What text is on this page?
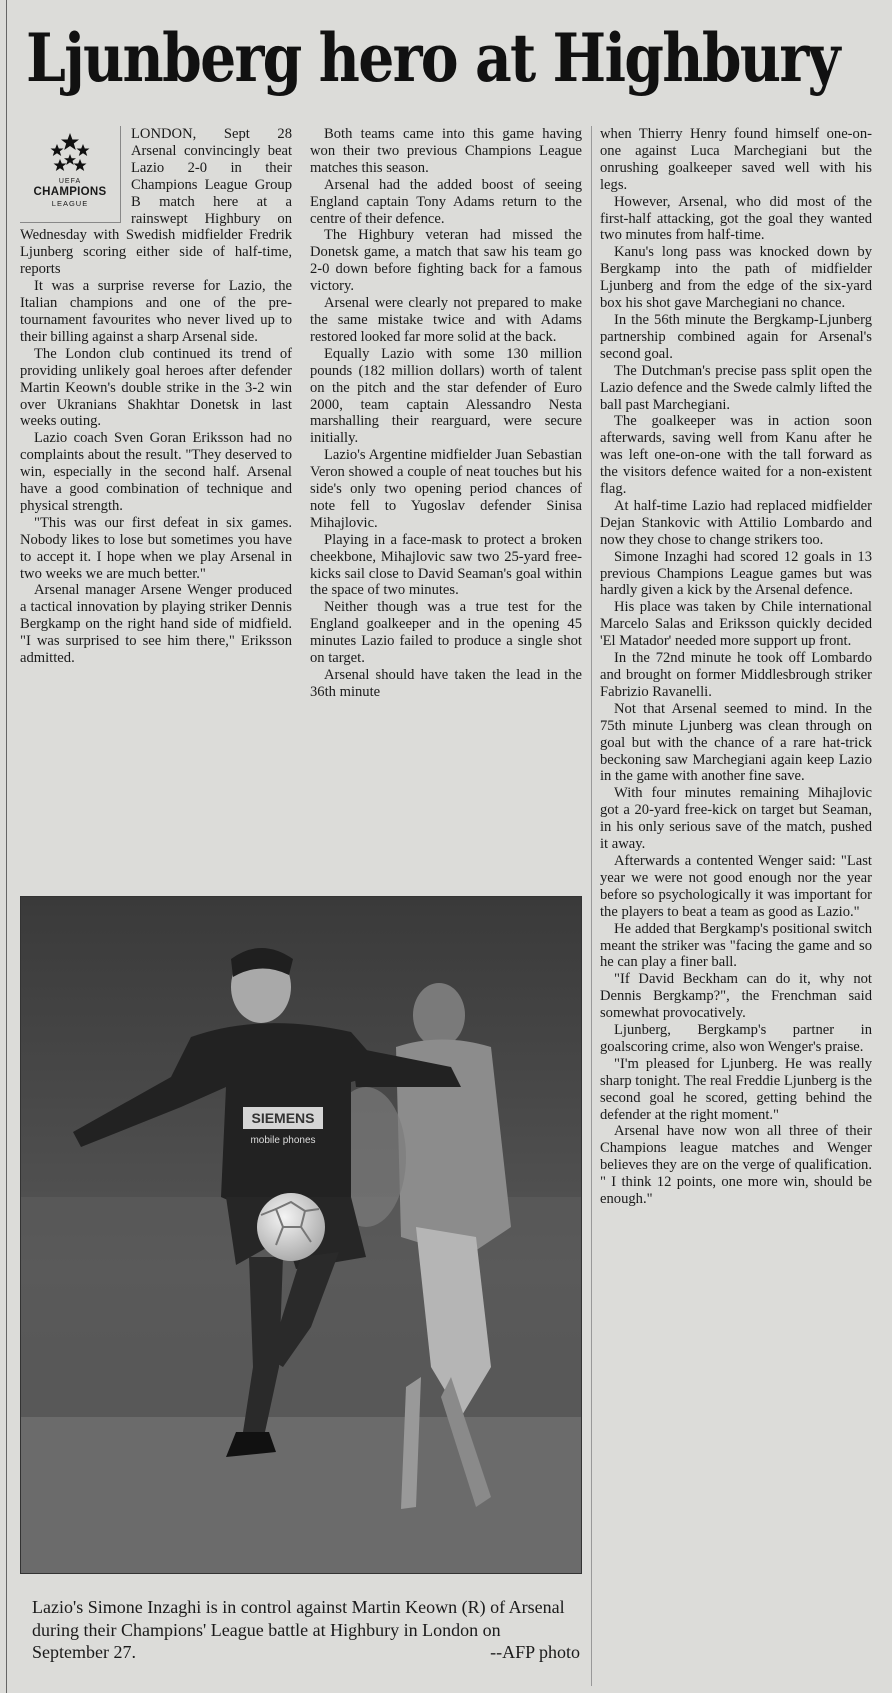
Ljunberg hero at Highbury
UEFA
CHAMPIONS
LEAGUE

LONDON, Sept 28 Arsenal convincingly beat Lazio 2-0 in their Champions League Group B match here at a rainswept Highbury on Wednesday with Swedish midfielder Fredrik Ljunberg scoring either side of half-time, reports

It was a surprise reverse for Lazio, the Italian champions and one of the pre-tournament favourites who never lived up to their billing against a sharp Arsenal side.

The London club continued its trend of providing unlikely goal heroes after defender Martin Keown's double strike in the 3-2 win over Ukranians Shakhtar Donetsk in last weeks outing.

Lazio coach Sven Goran Eriksson had no complaints about the result. "They deserved to win, especially in the second half. Arsenal have a good combination of technique and physical strength.

"This was our first defeat in six games. Nobody likes to lose but sometimes you have to accept it. I hope when we play Arsenal in two weeks we are much better."

Arsenal manager Arsene Wenger produced a tactical innovation by playing striker Dennis Bergkamp on the right hand side of midfield. "I was surprised to see him there," Eriksson admitted.

Both teams came into this game having won their two previous Champions League matches this season.

Arsenal had the added boost of seeing England captain Tony Adams return to the centre of their defence.

The Highbury veteran had missed the Donetsk game, a match that saw his team go 2-0 down before fighting back for a famous victory.

Arsenal were clearly not prepared to make the same mistake twice and with Adams restored looked far more solid at the back.

Equally Lazio with some 130 million pounds (182 million dollars) worth of talent on the pitch and the star defender of Euro 2000, team captain Alessandro Nesta marshalling their rearguard, were secure initially.

Lazio's Argentine midfielder Juan Sebastian Veron showed a couple of neat touches but his side's only two opening period chances of note fell to Yugoslav defender Sinisa Mihajlovic.

Playing in a face-mask to protect a broken cheekbone, Mihajlovic saw two 25-yard free-kicks sail close to David Seaman's goal within the space of two minutes.

Neither though was a true test for the England goalkeeper and in the opening 45 minutes Lazio failed to produce a single shot on target.

Arsenal should have taken the lead in the 36th minute

when Thierry Henry found himself one-on-one against Luca Marchegiani but the onrushing goalkeeper saved well with his legs.

However, Arsenal, who did most of the first-half attacking, got the goal they wanted two minutes from half-time.

Kanu's long pass was knocked down by Bergkamp into the path of midfielder Ljunberg and from the edge of the six-yard box his shot gave Marchegiani no chance.

In the 56th minute the Bergkamp-Ljunberg partnership combined again for Arsenal's second goal.

The Dutchman's precise pass split open the Lazio defence and the Swede calmly lifted the ball past Marchegiani.

The goalkeeper was in action soon afterwards, saving well from Kanu after he was left one-on-one with the tall forward as the visitors defence waited for a non-existent flag.

At half-time Lazio had replaced midfielder Dejan Stankovic with Attilio Lombardo and now they chose to change strikers too.

Simone Inzaghi had scored 12 goals in 13 previous Champions League games but was hardly given a kick by the Arsenal defence.

His place was taken by Chile international Marcelo Salas and Eriksson quickly decided 'El Matador' needed more support up front.

In the 72nd minute he took off Lombardo and brought on former Middlesbrough striker Fabrizio Ravanelli.

Not that Arsenal seemed to mind. In the 75th minute Ljunberg was clean through on goal but with the chance of a rare hat-trick beckoning saw Marchegiani again keep Lazio in the game with another fine save.

With four minutes remaining Mihajlovic got a 20-yard free-kick on target but Seaman, in his only serious save of the match, pushed it away.

Afterwards a contented Wenger said: "Last year we were not good enough nor the year before so psychologically it was important for the players to beat a team as good as Lazio."

He added that Bergkamp's positional switch meant the striker was "facing the game and so he can play a finer ball.

"If David Beckham can do it, why not Dennis Bergkamp?", the Frenchman said somewhat provocatively.

Ljunberg, Bergkamp's partner in goalscoring crime, also won Wenger's praise.

"I'm pleased for Ljunberg. He was really sharp tonight. The real Freddie Ljunberg is the second goal he scored, getting behind the defender at the right moment."

Arsenal have now won all three of their Champions league matches and Wenger believes they are on the verge of qualification. " I think 12 points, one more win, should be enough."

SIEMENS
mobile phones
Lazio's Simone Inzaghi is in control against Martin Keown (R) of Arsenal during their Champions' League battle at Highbury in London on September 27.	--AFP photo
